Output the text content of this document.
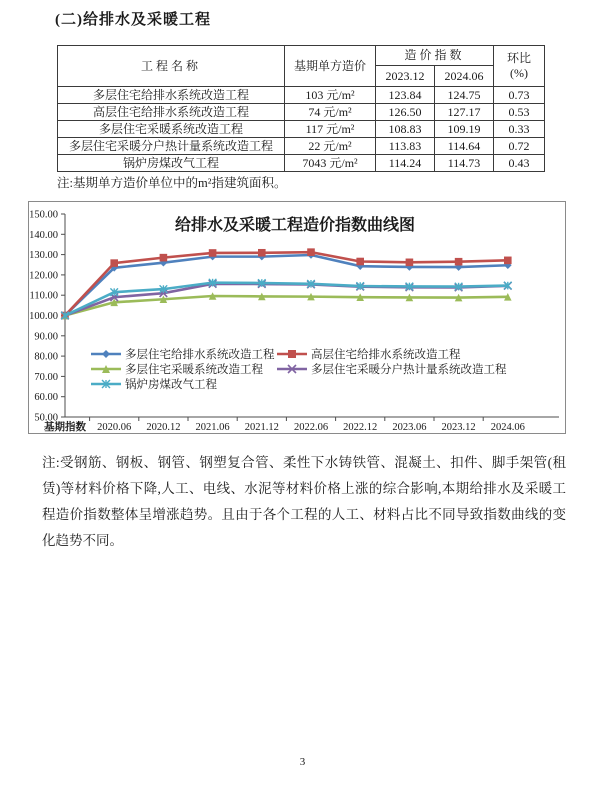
(二)给排水及采暖工程
工程名称	基期单方造价	造价指数		环比
(%)
		2023.12	2024.06	
多层住宅给排水系统改造工程	103 元/m²	123.84	124.75	0.73
高层住宅给排水系统改造工程	74 元/m²	126.50	127.17	0.53
多层住宅采暖系统改造工程	117 元/m²	108.83	109.19	0.33
多层住宅采暖分户热计量系统改造工程	22 元/m²	113.83	114.64	0.72
锅炉房煤改气工程	7043 元/m²	114.24	114.73	0.43

注:基期单方造价单位中的m²指建筑面积。

给排水及采暖工程造价指数曲线图
50.00
60.00
70.00
80.00
90.00
100.00
110.00
120.00
130.00
140.00
150.00
基期指数 2020.06 2020.12 2021.06 2021.12 2022.06 2022.12 2023.06 2023.12 2024.06
多层住宅给排水系统改造工程	高层住宅给排水系统改造工程
多层住宅采暖系统改造工程	多层住宅采暖分户热计量系统改造工程
锅炉房煤改气工程

注:受钢筋、钢板、钢管、钢塑复合管、柔性下水铸铁管、混凝土、扣件、脚手架管(租赁)等材料价格下降,人工、电线、水泥等材料价格上涨的综合影响,本期给排水及采暖工程造价指数整体呈增涨趋势。且由于各个工程的人工、材料占比不同导致指数曲线的变化趋势不同。

3
